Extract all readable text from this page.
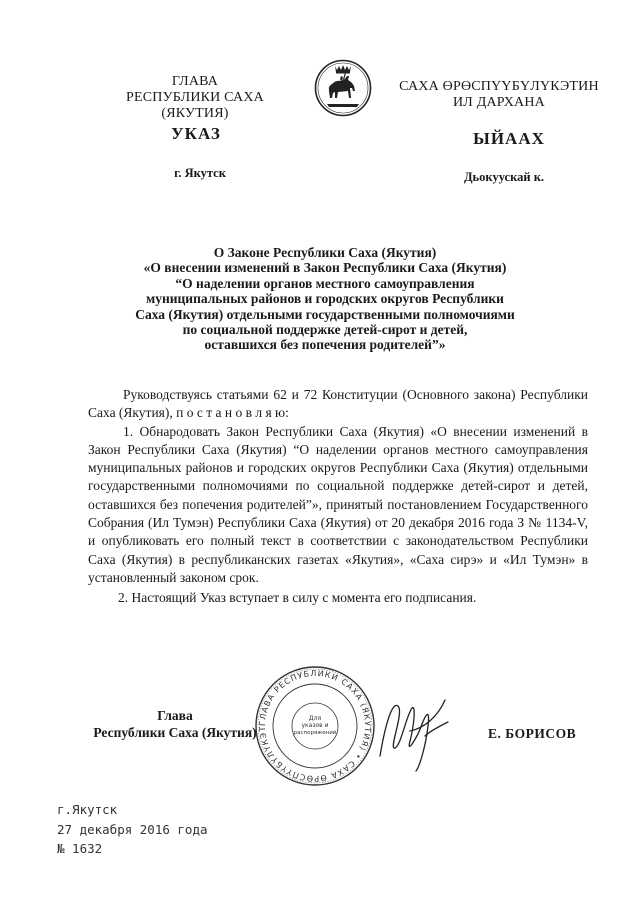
ГЛАВА
РЕСПУБЛИКИ САХА (ЯКУТИЯ)
САХА ӨРӨСПҮҮБҮЛҮКЭТИН
ИЛ ДАРХАНА
УКАЗ	ЫЙААХ
г. Якутск	Дьокуускай к.
О Законе Республики Саха (Якутия)
«О внесении изменений в Закон Республики Саха (Якутия)
“О наделении органов местного самоуправления
муниципальных районов и городских округов Республики
Саха (Якутия) отдельными государственными полномочиями
по социальной поддержке детей-сирот и детей,
оставшихся без попечения родителей”»

Руководствуясь статьями 62 и 72 Конституции (Основного закона) Республики Саха (Якутия), п о с т а н о в л я ю:

1. Обнародовать Закон Республики Саха (Якутия) «О внесении изменений в Закон Республики Саха (Якутия) “О наделении органов местного самоуправления муниципальных районов и городских округов Республики Саха (Якутия) отдельными государственными полномочиями по социальной поддержке детей-сирот и детей, оставшихся без попечения родителей”», принятый постановлением Государственного Собрания (Ил Тумэн) Республики Саха (Якутия) от 20 декабря 2016 года З № 1134-V, и опубликовать его полный текст в соответствии с законодательством Республики Саха (Якутия) в республиканских газетах «Якутия», «Саха сирэ» и «Ил Тумэн» в установленный законом срок.

2. Настоящий Указ вступает в силу с момента его подписания.

ГЛАВА РЕСПУБЛИКИ САХА (ЯКУТИЯ) • САХА ӨРӨСПҮҮБҮЛҮКЭТ
Для
указов и
распоряжений
Глава
Республики Саха (Якутия)	Е. БОРИСОВ
г.Якутск
27 декабря 2016 года
№ 1632
